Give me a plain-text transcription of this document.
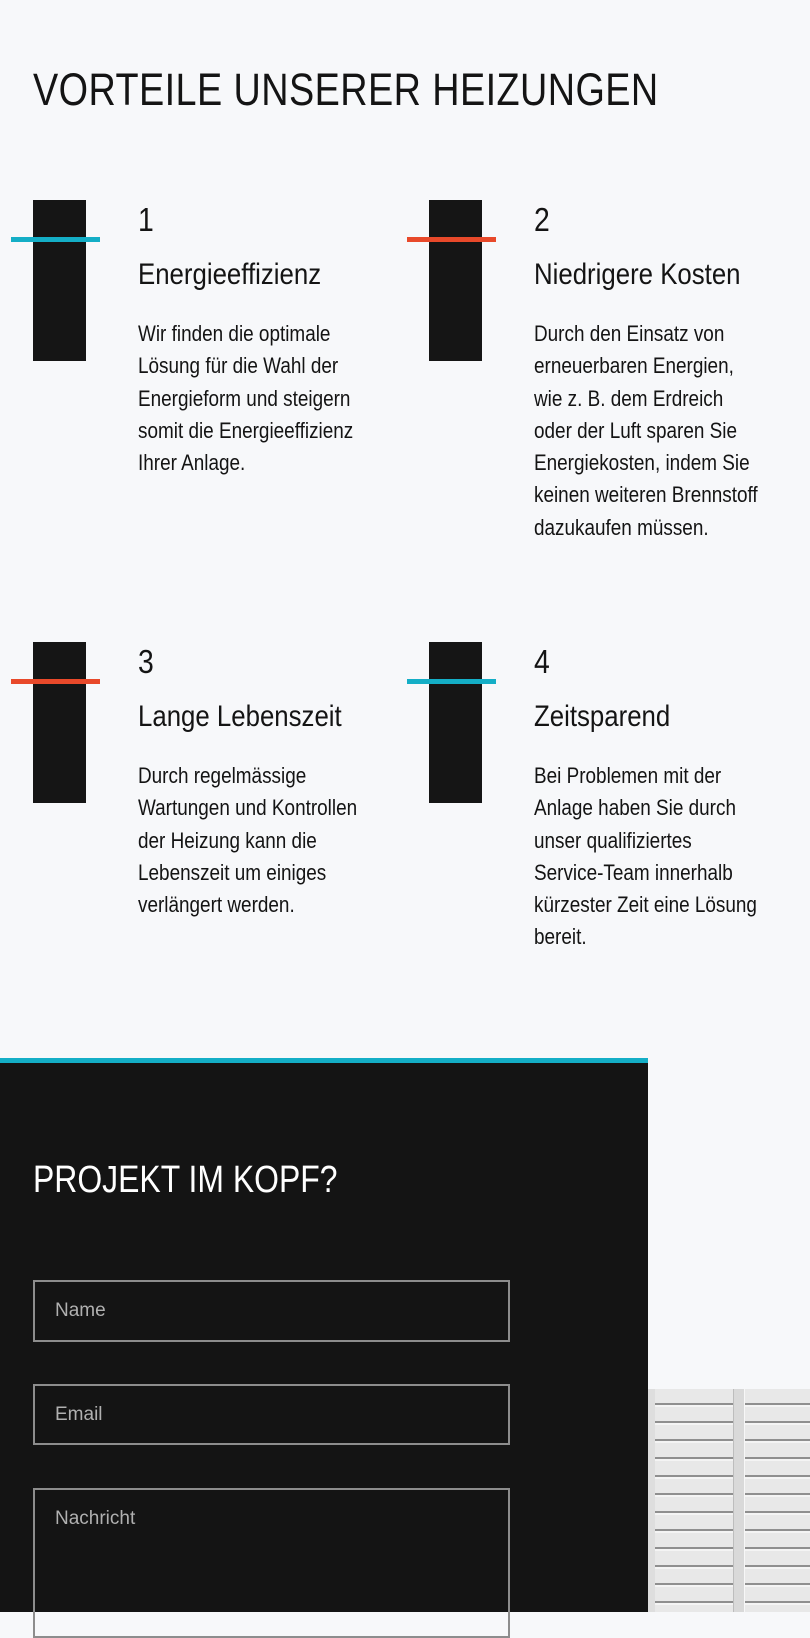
VORTEILE UNSERER HEIZUNGEN
1
Energieeffizienz

Wir finden die optimale Lösung für die Wahl der Energieform und steigern somit die Energieeffizienz Ihrer Anlage.

2
Niedrigere Kosten

Durch den Einsatz von erneuerbaren Energien, wie z. B. dem Erdreich oder der Luft sparen Sie Energiekosten, indem Sie keinen weiteren Brennstoff dazukaufen müssen.

3
Lange Lebenszeit

Durch regelmässige Wartungen und Kontrollen der Heizung kann die Lebenszeit um einiges verlängert werden.

4
Zeitsparend

Bei Problemen mit der Anlage haben Sie durch unser qualifiziertes Service-Team innerhalb kürzester Zeit eine Lösung bereit.

PROJEKT IM KOPF?
Name
Email
Nachricht
